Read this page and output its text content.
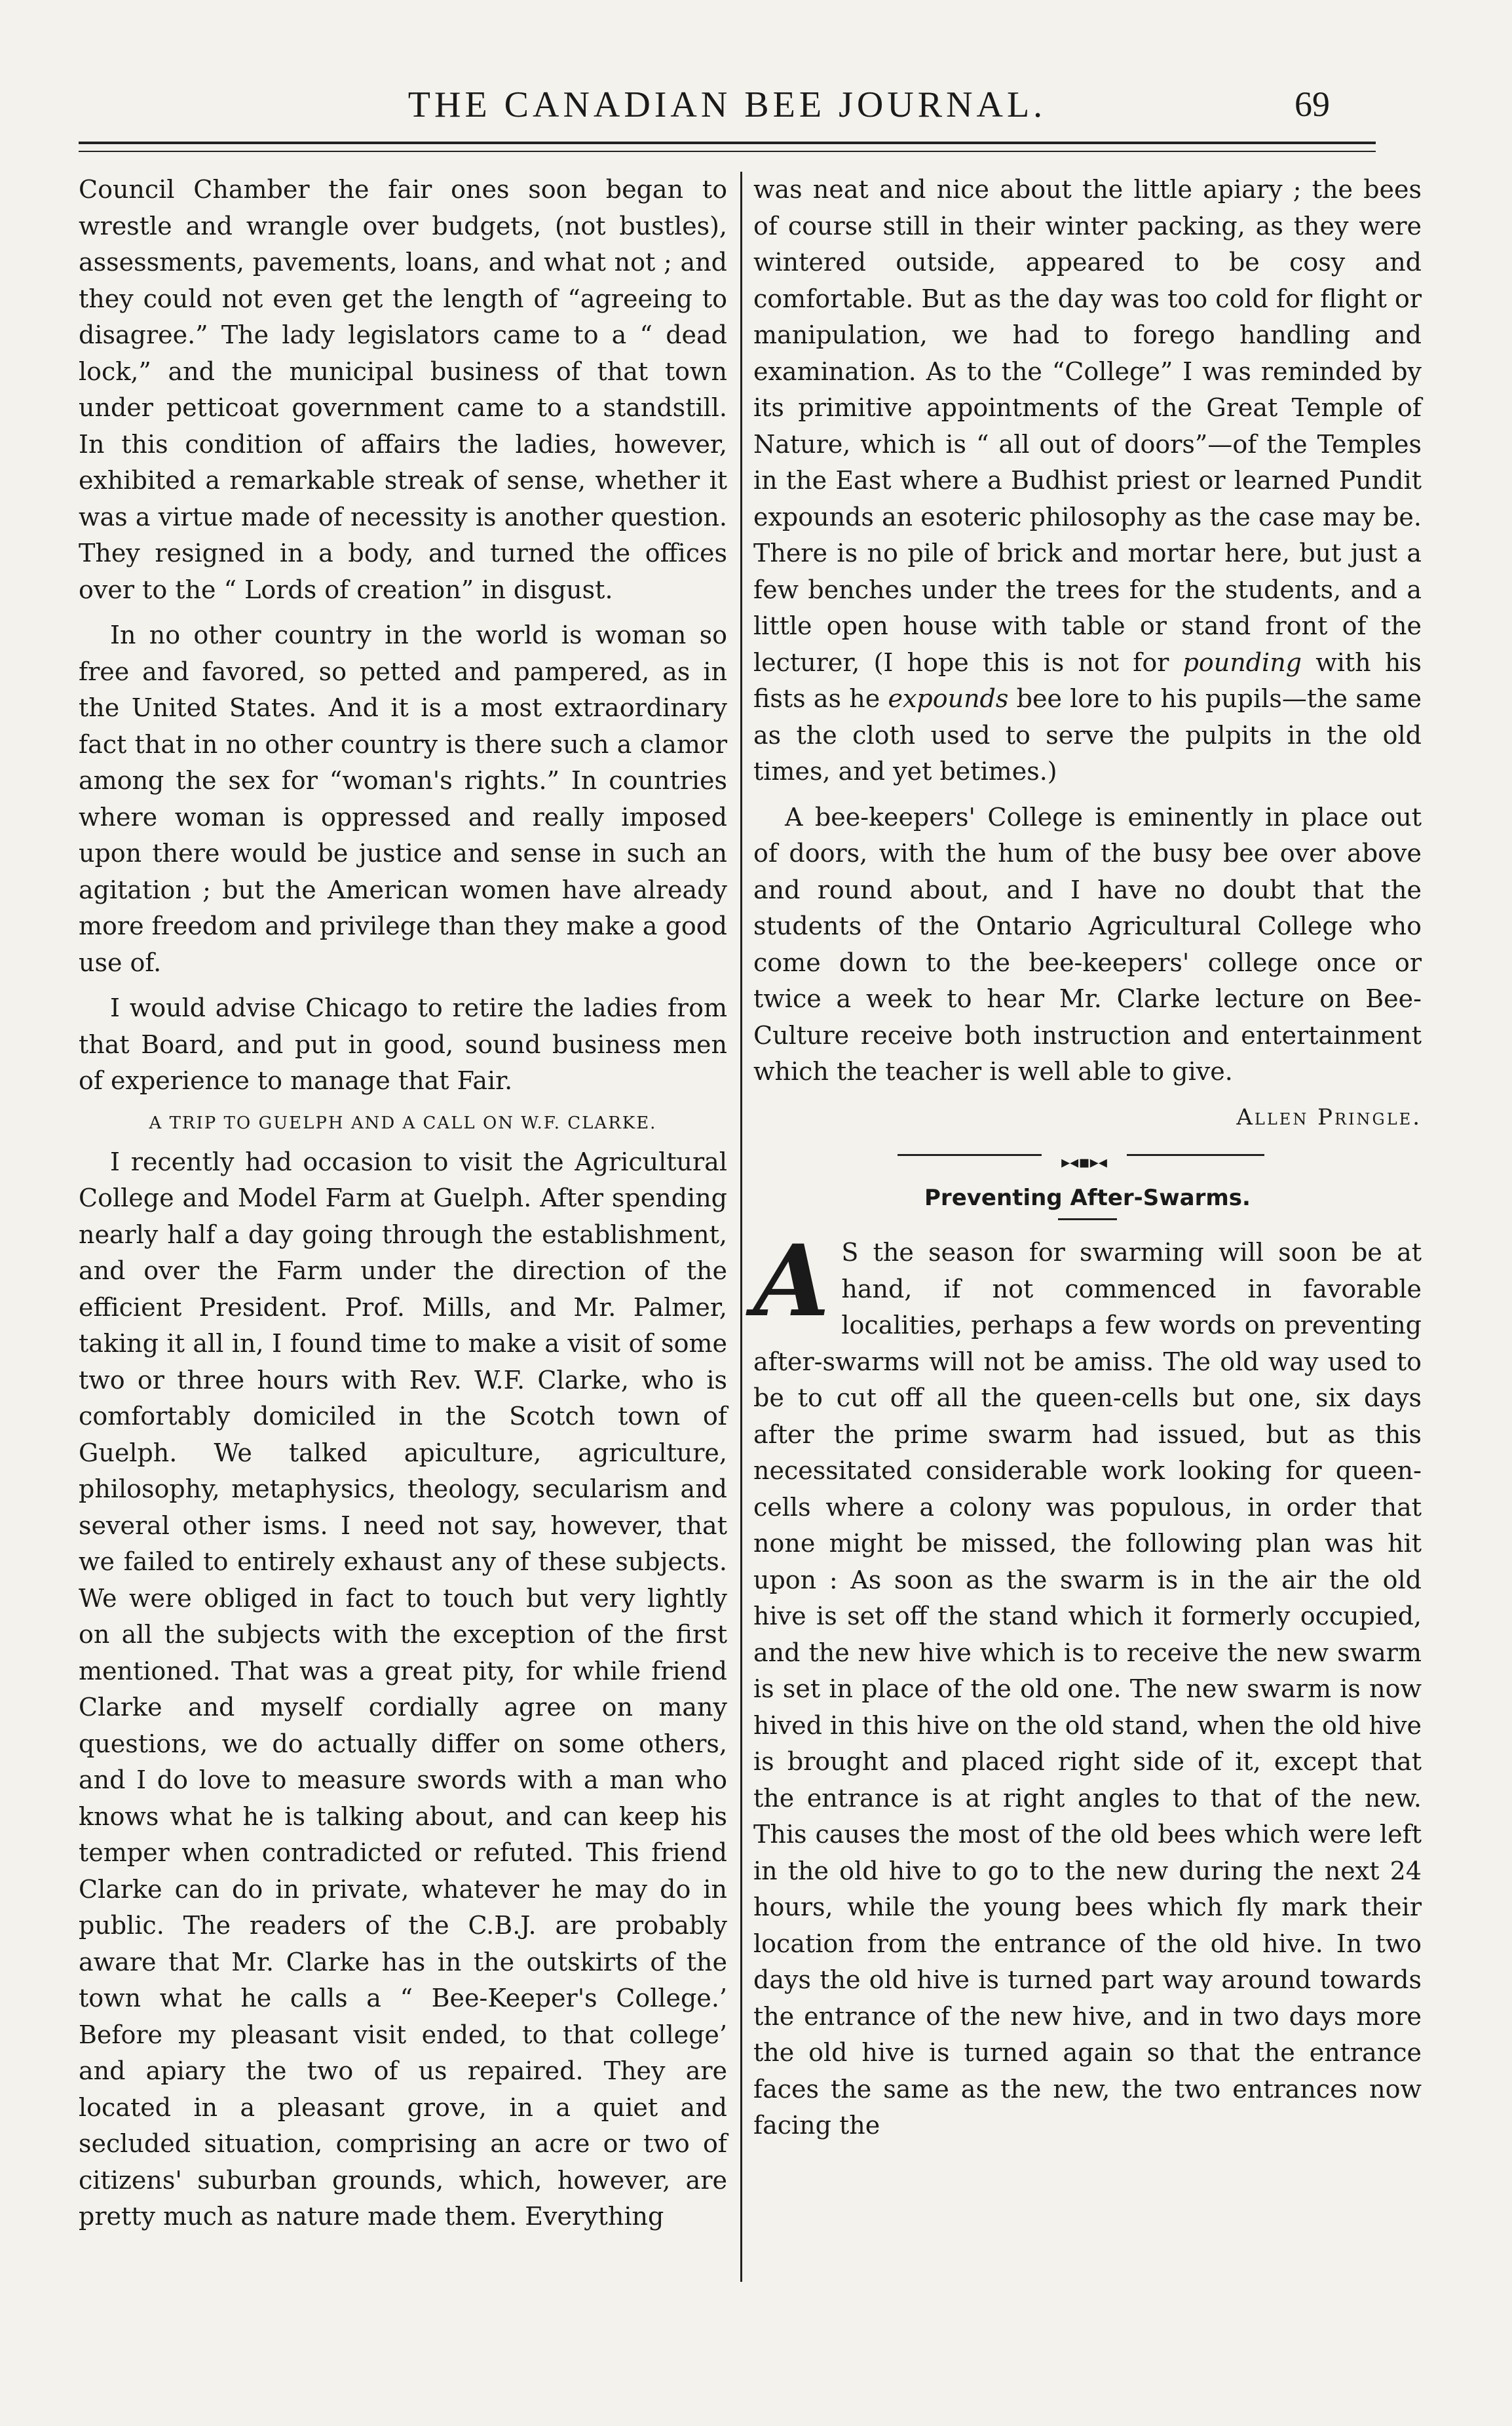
THE CANADIAN BEE JOURNAL.	69

Council Chamber the fair ones soon began to wrestle and wrangle over budgets, (not bustles), assessments, pavements, loans, and what not ; and they could not even get the length of “agreeing to disagree.” The lady legislators came to a “ dead lock,” and the municipal business of that town under petticoat government came to a standstill. In this condition of affairs the ladies, however, exhibited a remarkable streak of sense, whether it was a virtue made of necessity is another question. They resigned in a body, and turned the offices over to the “ Lords of creation” in disgust.

In no other country in the world is woman so free and favored, so petted and pampered, as in the United States. And it is a most extraordinary fact that in no other country is there such a clamor among the sex for “woman's rights.” In countries where woman is oppressed and really imposed upon there would be justice and sense in such an agitation ; but the American women have already more freedom and privilege than they make a good use of.

I would advise Chicago to retire the ladies from that Board, and put in good, sound business men of experience to manage that Fair.

A TRIP TO GUELPH AND A CALL ON W.F. CLARKE.

I recently had occasion to visit the Agricultural College and Model Farm at Guelph. After spending nearly half a day going through the establishment, and over the Farm under the direction of the efficient President. Prof. Mills, and Mr. Palmer, taking it all in, I found time to make a visit of some two or three hours with Rev. W.F. Clarke, who is comfortably domiciled in the Scotch town of Guelph. We talked apiculture, agriculture, philosophy, metaphysics, theology, secularism and several other isms. I need not say, however, that we failed to entirely exhaust any of these subjects. We were obliged in fact to touch but very lightly on all the subjects with the exception of the first mentioned. That was a great pity, for while friend Clarke and myself cordially agree on many questions, we do actually differ on some others, and I do love to measure swords with a man who knows what he is talking about, and can keep his temper when contradicted or refuted. This friend Clarke can do in private, whatever he may do in public. The readers of the C.B.J. are probably aware that Mr. Clarke has in the outskirts of the town what he calls a “ Bee-Keeper's College.’ Before my pleasant visit ended, to that college’ and apiary the two of us repaired. They are located in a pleasant grove, in a quiet and secluded situation, comprising an acre or two of citizens' suburban grounds, which, however, are pretty much as nature made them. Everything

was neat and nice about the little apiary ; the bees of course still in their winter packing, as they were wintered outside, appeared to be cosy and comfortable. But as the day was too cold for flight or manipulation, we had to forego handling and examination. As to the “College” I was reminded by its primitive appointments of the Great Temple of Nature, which is “ all out of doors”—of the Temples in the East where a Budhist priest or learned Pundit expounds an esoteric philosophy as the case may be. There is no pile of brick and mortar here, but just a few benches under the trees for the students, and a little open house with table or stand front of the lecturer, (I hope this is not for pounding with his fists as he expounds bee lore to his pupils—the same as the cloth used to serve the pulpits in the old times, and yet betimes.)

A bee-keepers' College is eminently in place out of doors, with the hum of the busy bee over above and round about, and I have no doubt that the students of the Ontario Agricultural College who come down to the bee-keepers' college once or twice a week to hear Mr. Clarke lecture on Bee-Culture receive both instruction and entertainment which the teacher is well able to give.

Allen Pringle.
▸◂▪▸◂
Preventing After-Swarms.

A S the season for swarming will soon be at hand, if not commenced in favorable localities, perhaps a few words on preventing after-swarms will not be amiss. The old way used to be to cut off all the queen-cells but one, six days after the prime swarm had issued, but as this necessitated considerable work looking for queen-cells where a colony was populous, in order that none might be missed, the following plan was hit upon : As soon as the swarm is in the air the old hive is set off the stand which it formerly occupied, and the new hive which is to receive the new swarm is set in place of the old one. The new swarm is now hived in this hive on the old stand, when the old hive is brought and placed right side of it, except that the entrance is at right angles to that of the new. This causes the most of the old bees which were left in the old hive to go to the new during the next 24 hours, while the young bees which fly mark their location from the entrance of the old hive. In two days the old hive is turned part way around towards the entrance of the new hive, and in two days more the old hive is turned again so that the entrance faces the same as the new, the two entrances now facing the
